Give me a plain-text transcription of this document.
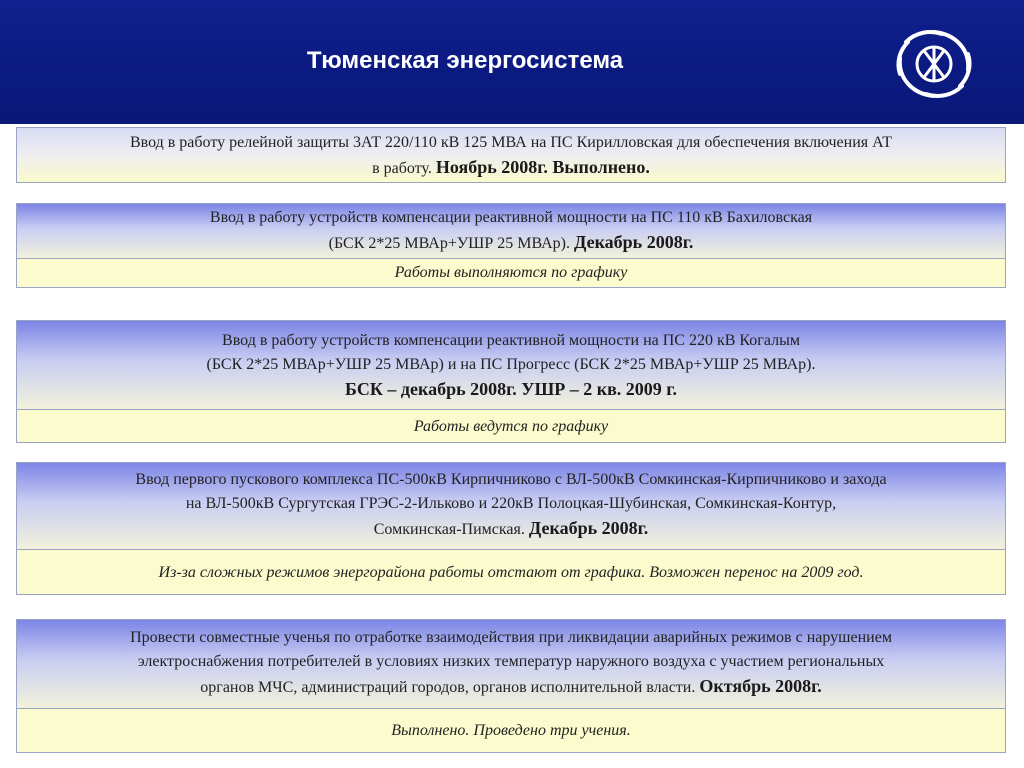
Тюменская энергосистема
Ввод в работу релейной защиты 3АТ 220/110 кВ 125 МВА на ПС Кирилловская для обеспечения включения АТ
в работу. Ноябрь 2008г. Выполнено.
Ввод в работу устройств компенсации реактивной мощности на ПС 110 кВ Бахиловская
(БСК 2*25 МВАр+УШР 25 МВАр). Декабрь 2008г.
Работы выполняются по графику
Ввод в работу устройств компенсации реактивной мощности на ПС 220 кВ Когалым
(БСК 2*25 МВАр+УШР 25 МВАр) и на ПС Прогресс (БСК 2*25 МВАр+УШР 25 МВАр).
БСК – декабрь 2008г. УШР – 2 кв. 2009 г.
Работы ведутся по графику
Ввод первого пускового комплекса ПС-500кВ Кирпичниково с ВЛ-500кВ Сомкинская-Кирпичниково и захода
на ВЛ-500кВ Сургутская ГРЭС-2-Ильково и 220кВ Полоцкая-Шубинская, Сомкинская-Контур,
Сомкинская-Пимская. Декабрь 2008г.
Из-за сложных режимов энергорайона работы отстают от графика. Возможен перенос на 2009 год.
Провести совместные ученья по отработке взаимодействия при ликвидации аварийных режимов с нарушением
электроснабжения потребителей в условиях низких температур наружного воздуха с участием региональных
органов МЧС, администраций городов, органов исполнительной власти. Октябрь 2008г.
Выполнено. Проведено три учения.
